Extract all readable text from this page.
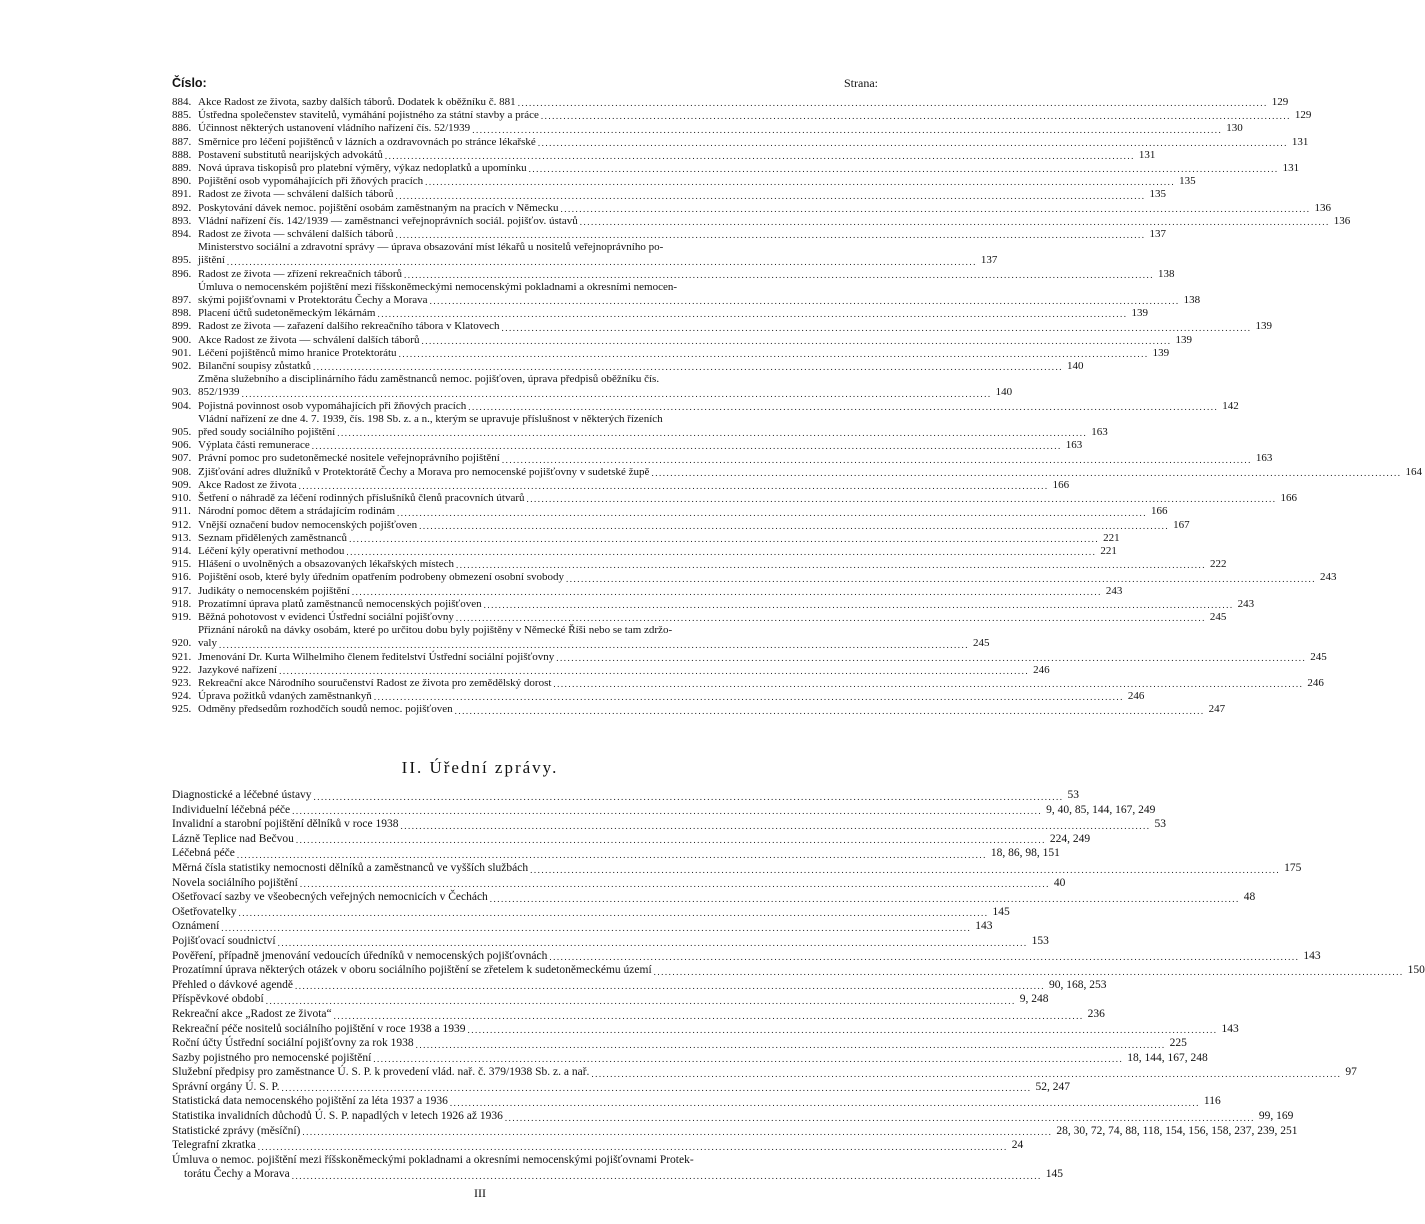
Číslo:	Strana:
884. Akce Radost ze života, sazby dalších táborů. Dodatek k oběžníku č. 881 .....	129
885. Ústředna společenstev stavitelů, vymáhání pojistného za státní stavby a práce .....	129
886. Účinnost některých ustanovení vládního nařízení čís. 52/1939 .....	130
887. Směrnice pro léčení pojištěnců v lázních a ozdravovnách po stránce lékařské .....	131
888. Postavení substitutů nearijských advokátů .....	131
889. Nová úprava tiskopisů pro platební výměry, výkaz nedoplatků a upomínku .....	131
890. Pojištění osob vypomáhajících při žňových pracích .....	135
891. Radost ze života — schválení dalších táborů .....	135
892. Poskytování dávek nemoc. pojištění osobám zaměstnaným na pracích v Německu .....	136
893. Vládní nařízení čís. 142/1939 — zaměstnanci veřejnoprávních sociál. pojišťov. ústavů .....	136
894. Radost ze života — schválení dalších táborů .....	137
895.
Ministerstvo sociální a zdravotní správy — úprava obsazování míst lékařů u nositelů veřejnoprávního po-
jištění .....	137
896. Radost ze života — zřízení rekreačních táborů .....	138
897.
Úmluva o nemocenském pojištění mezi říšskoněmeckými nemocenskými pokladnami a okresními nemocen-
skými pojišťovnami v Protektorátu Čechy a Morava .....	138
898. Placení účtů sudetoněmeckým lékárnám .....	139
899. Radost ze života — zařazení dalšího rekreačního tábora v Klatovech .....	139
900. Akce Radost ze života — schválení dalších táborů .....	139
901. Léčení pojištěnců mimo hranice Protektorátu .....	139
902. Bilanční soupisy zůstatků .....	140
903.
Změna služebního a disciplinárního řádu zaměstnanců nemoc. pojišťoven, úprava předpisů oběžníku čís.
852/1939 .....	140
904. Pojistná povinnost osob vypomáhajících při žňových pracích .....	142
905.
Vládní nařízení ze dne 4. 7. 1939, čís. 198 Sb. z. a n., kterým se upravuje příslušnost v některých řízeních
před soudy sociálního pojištění .....	163
906. Výplata části remunerace .....	163
907. Právní pomoc pro sudetoněmecké nositele veřejnoprávního pojištění .....	163
908. Zjišťování adres dlužníků v Protektorátě Čechy a Morava pro nemocenské pojišťovny v sudetské župě .....	164
909. Akce Radost ze života .....	166
910. Šetření o náhradě za léčení rodinných příslušníků členů pracovních útvarů .....	166
911. Národní pomoc dětem a strádajícím rodinám .....	166
912. Vnější označení budov nemocenských pojišťoven .....	167
913. Seznam přidělených zaměstnanců .....	221
914. Léčení kýly operativní methodou .....	221
915. Hlášení o uvolněných a obsazovaných lékařských místech .....	222
916. Pojištění osob, které byly úředním opatřením podrobeny obmezení osobní svobody .....	243
917. Judikáty o nemocenském pojištění .....	243
918. Prozatímní úprava platů zaměstnanců nemocenských pojišťoven .....	243
919. Běžná pohotovost v evidenci Ústřední sociální pojišťovny .....	245
920.
Přiznání nároků na dávky osobám, které po určitou dobu byly pojištěny v Německé Říši nebo se tam zdržo-
valy .....	245
921. Jmenování Dr. Kurta Wilhelmiho členem ředitelství Ústřední sociální pojišťovny .....	245
922. Jazykové nařízení .....	246
923. Rekreační akce Národního souručenství Radost ze života pro zemědělský dorost .....	246
924. Úprava požitků vdaných zaměstnankyň .....	246
925. Odměny předsedům rozhodčích soudů nemoc. pojišťoven .....	247
II. Úřední zprávy.
Diagnostické a léčebné ústavy .....	53
Individuelní léčebná péče .....	9, 40, 85, 144, 167, 249
Invalidní a starobní pojištění dělníků v roce 1938 .....	53
Lázně Teplice nad Bečvou .....	224, 249
Léčebná péče .....	18, 86, 98, 151
Měrná čísla statistiky nemocnosti dělníků a zaměstnanců ve vyšších službách .....	175
Novela sociálního pojištění .....	40
Ošetřovací sazby ve všeobecných veřejných nemocnicích v Čechách .....	48
Ošetřovatelky .....	145
Oznámení .....	143
Pojišťovací soudnictví .....	153
Pověření, případně jmenování vedoucích úředníků v nemocenských pojišťovnách .....	143
Prozatímní úprava některých otázek v oboru sociálního pojištění se zřetelem k sudetoněmeckému území .....	150
Přehled o dávkové agendě .....	90, 168, 253
Příspěvkové období .....	9, 248
Rekreační akce „Radost ze života“ .....	236
Rekreační péče nositelů sociálního pojištění v roce 1938 a 1939 .....	143
Roční účty Ústřední sociální pojišťovny za rok 1938 .....	225
Sazby pojistného pro nemocenské pojištění .....	18, 144, 167, 248
Služební předpisy pro zaměstnance Ú. S. P. k provedení vlád. nař. č. 379/1938 Sb. z. a nař. .....	97
Správní orgány Ú. S. P. .....	52, 247
Statistická data nemocenského pojištění za léta 1937 a 1936 .....	116
Statistika invalidních důchodů Ú. S. P. napadlých v letech 1926 až 1936 .....	99, 169
Statistické zprávy (měsíční) .....	28, 30, 72, 74, 88, 118, 154, 156, 158, 237, 239, 251
Telegrafní zkratka .....	24
Úmluva o nemoc. pojištění mezi říšskoněmeckými pokladnami a okresními nemocenskými pojišťovnami Protek-
torátu Čechy a Morava .....	145
III
